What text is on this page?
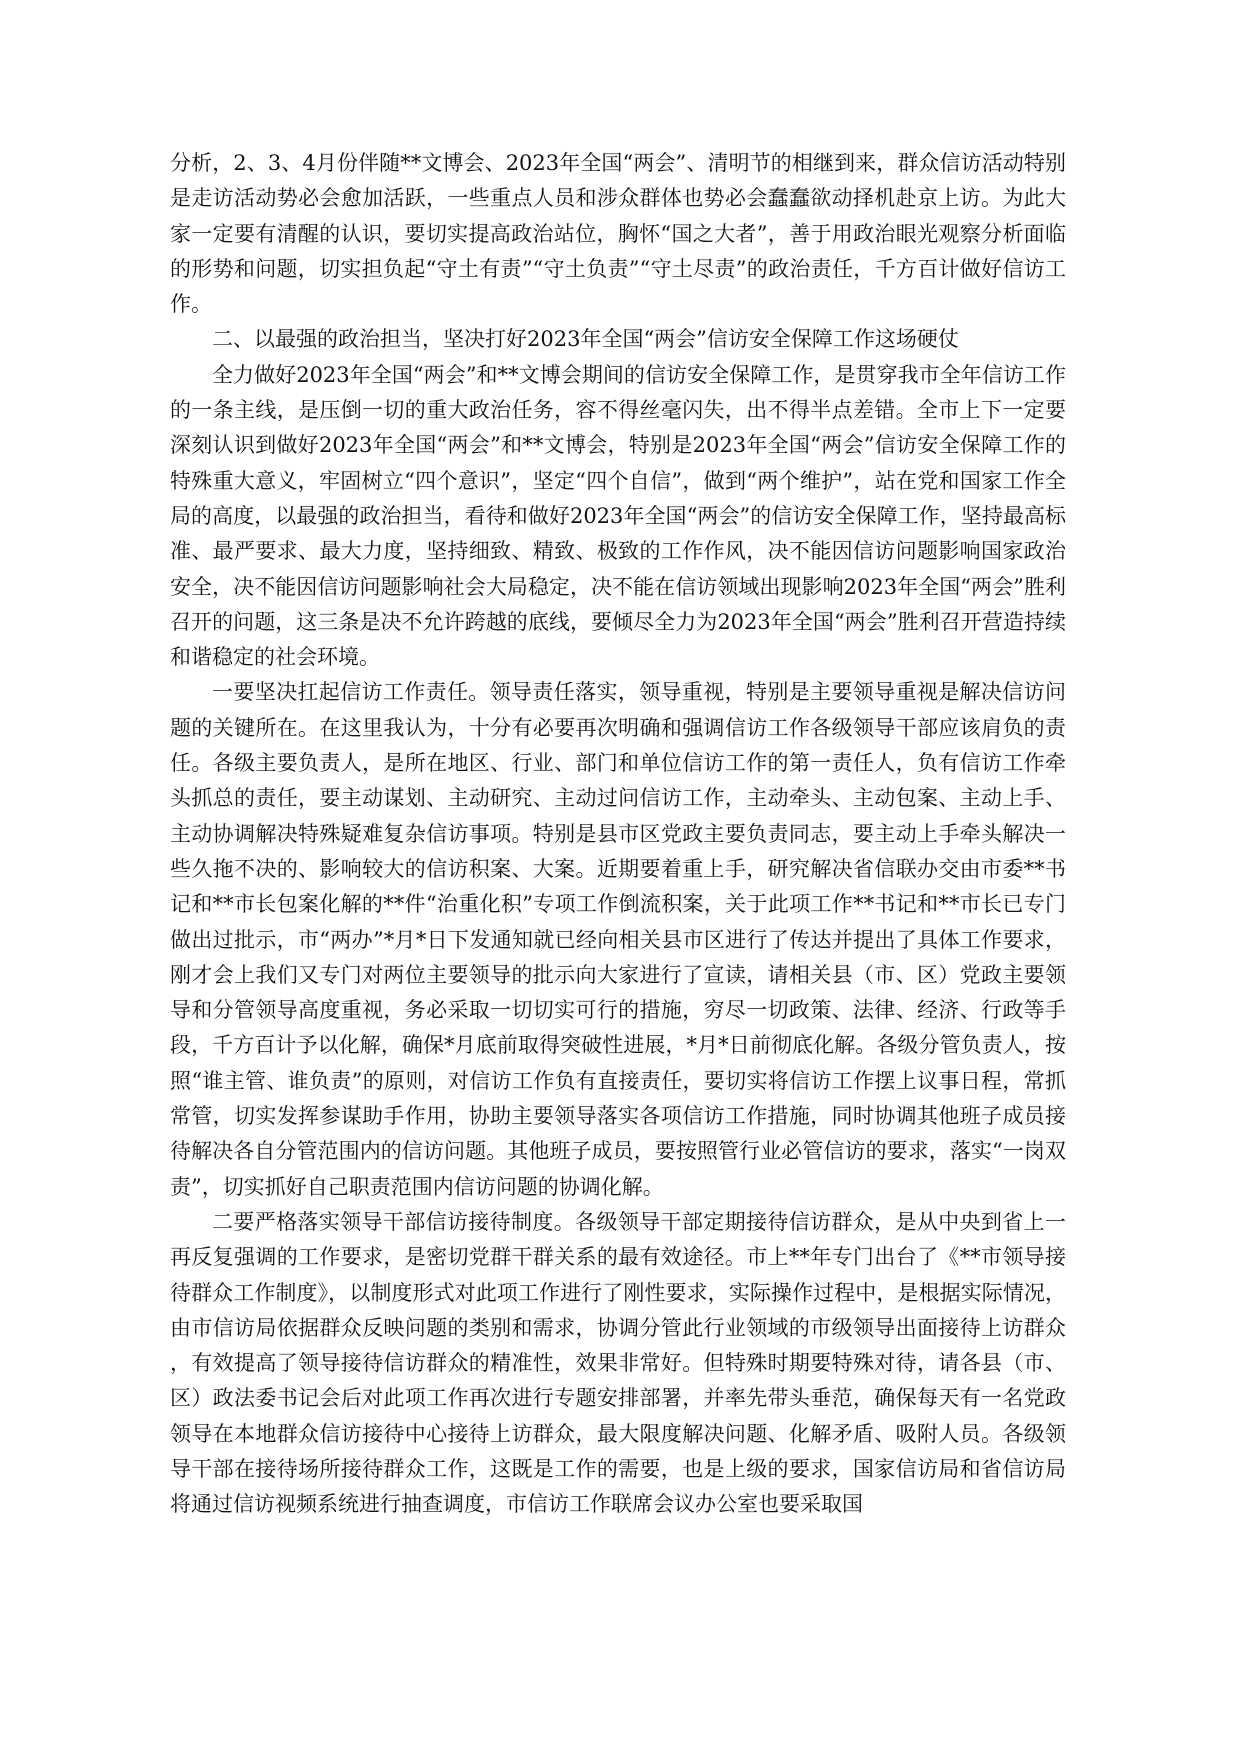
分析，2、3、4月份伴随**文博会、2023年全国“两会”、清明节的相继到来，群众信访活动特别是走访活动势必会愈加活跃，一些重点人员和涉众群体也势必会蠢蠢欲动择机赴京上访。为此大家一定要有清醒的认识，要切实提高政治站位，胸怀“国之大者”，善于用政治眼光观察分析面临的形势和问题，切实担负起“守土有责”“守土负责”“守土尽责”的政治责任，千方百计做好信访工作。

二、以最强的政治担当，坚决打好2023年全国“两会”信访安全保障工作这场硬仗

全力做好2023年全国“两会”和**文博会期间的信访安全保障工作，是贯穿我市全年信访工作的一条主线，是压倒一切的重大政治任务，容不得丝毫闪失，出不得半点差错。全市上下一定要深刻认识到做好2023年全国“两会”和**文博会，特别是2023年全国“两会”信访安全保障工作的特殊重大意义，牢固树立“四个意识”，坚定“四个自信”，做到“两个维护”，站在党和国家工作全局的高度，以最强的政治担当，看待和做好2023年全国“两会”的信访安全保障工作，坚持最高标准、最严要求、最大力度，坚持细致、精致、极致的工作作风，决不能因信访问题影响国家政治安全，决不能因信访问题影响社会大局稳定，决不能在信访领域出现影响2023年全国“两会”胜利召开的问题，这三条是决不允许跨越的底线，要倾尽全力为2023年全国“两会”胜利召开营造持续和谐稳定的社会环境。

一要坚决扛起信访工作责任。领导责任落实，领导重视，特别是主要领导重视是解决信访问题的关键所在。在这里我认为，十分有必要再次明确和强调信访工作各级领导干部应该肩负的责任。各级主要负责人，是所在地区、行业、部门和单位信访工作的第一责任人，负有信访工作牵头抓总的责任，要主动谋划、主动研究、主动过问信访工作，主动牵头、主动包案、主动上手、主动协调解决特殊疑难复杂信访事项。特别是县市区党政主要负责同志，要主动上手牵头解决一些久拖不决的、影响较大的信访积案、大案。近期要着重上手，研究解决省信联办交由市委**书记和**市长包案化解的**件“治重化积”专项工作倒流积案，关于此项工作**书记和**市长已专门做出过批示，市“两办”*月*日下发通知就已经向相关县市区进行了传达并提出了具体工作要求，刚才会上我们又专门对两位主要领导的批示向大家进行了宣读，请相关县（市、区）党政主要领导和分管领导高度重视，务必采取一切切实可行的措施，穷尽一切政策、法律、经济、行政等手段，千方百计予以化解，确保*月底前取得突破性进展，*月*日前彻底化解。各级分管负责人，按照“谁主管、谁负责”的原则，对信访工作负有直接责任，要切实将信访工作摆上议事日程，常抓常管，切实发挥参谋助手作用，协助主要领导落实各项信访工作措施，同时协调其他班子成员接待解决各自分管范围内的信访问题。其他班子成员，要按照管行业必管信访的要求，落实“一岗双责”，切实抓好自己职责范围内信访问题的协调化解。

二要严格落实领导干部信访接待制度。各级领导干部定期接待信访群众，是从中央到省上一再反复强调的工作要求，是密切党群干群关系的最有效途径。市上**年专门出台了《**市领导接待群众工作制度》，以制度形式对此项工作进行了刚性要求，实际操作过程中，是根据实际情况，由市信访局依据群众反映问题的类别和需求，协调分管此行业领域的市级领导出面接待上访群众，有效提高了领导接待信访群众的精准性，效果非常好。但特殊时期要特殊对待，请各县（市、区）政法委书记会后对此项工作再次进行专题安排部署，并率先带头垂范，确保每天有一名党政领导在本地群众信访接待中心接待上访群众，最大限度解决问题、化解矛盾、吸附人员。各级领导干部在接待场所接待群众工作，这既是工作的需要，也是上级的要求，国家信访局和省信访局将通过信访视频系统进行抽查调度，市信访工作联席会议办公室也要采取国
